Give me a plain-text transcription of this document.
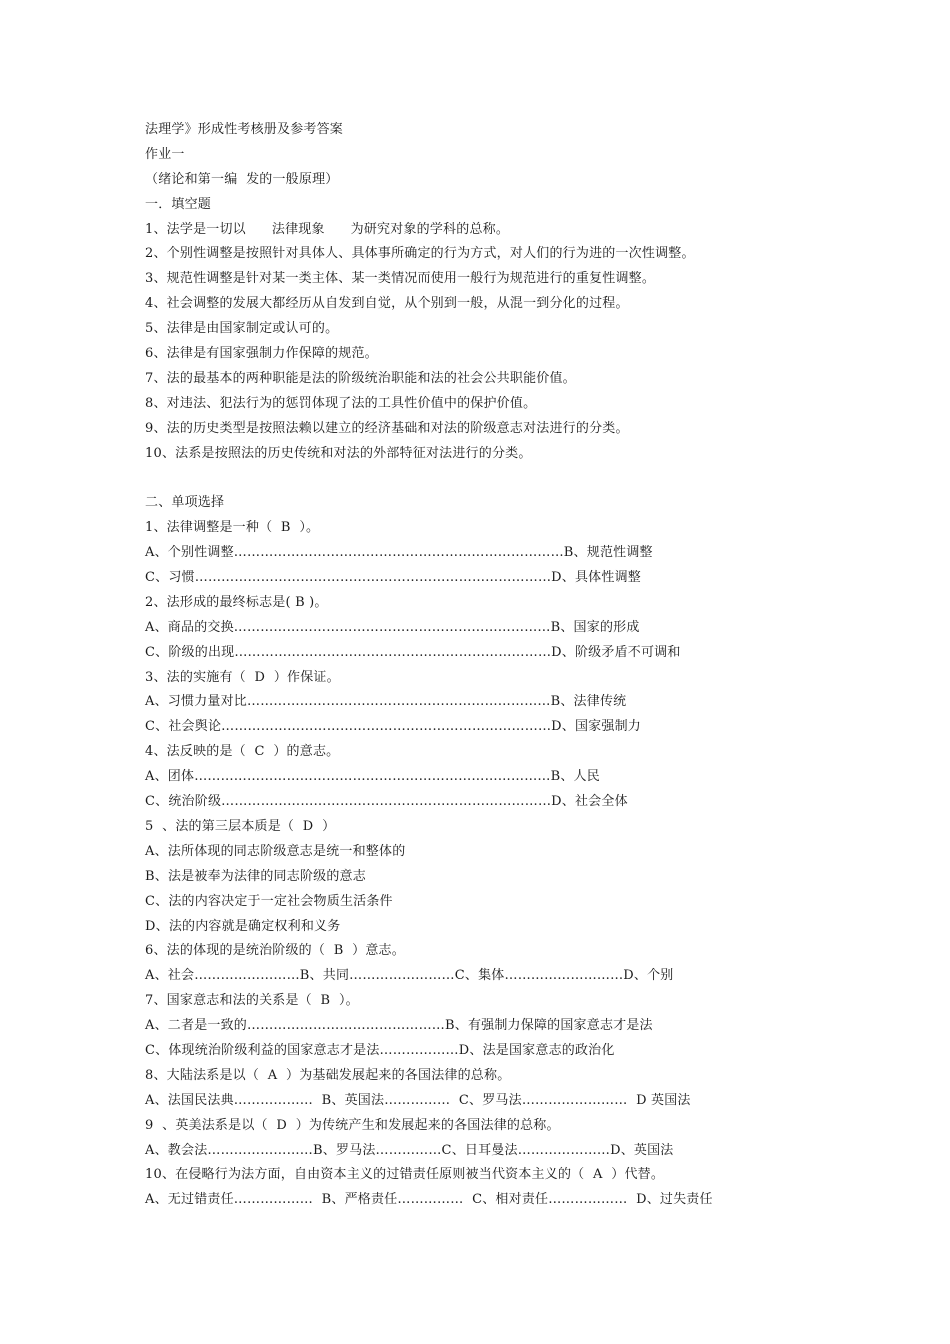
法理学》形成性考核册及参考答案
作业一
（绪论和第一编  发的一般原理）
一．填空题
1、法学是一切以      法律现象      为研究对象的学科的总称。
2、个别性调整是按照针对具体人、具体事所确定的行为方式，对人们的行为进的一次性调整。
3、规范性调整是针对某一类主体、某一类情况而使用一般行为规范进行的重复性调整。
4、社会调整的发展大都经历从自发到自觉，从个别到一般，从混一到分化的过程。
5、法律是由国家制定或认可的。
6、法律是有国家强制力作保障的规范。
7、法的最基本的两种职能是法的阶级统治职能和法的社会公共职能价值。
8、对违法、犯法行为的惩罚体现了法的工具性价值中的保护价值。
9、法的历史类型是按照法赖以建立的经济基础和对法的阶级意志对法进行的分类。
10、法系是按照法的历史传统和对法的外部特征对法进行的分类。
二、单项选择
1、法律调整是一种（  B  ）。
A、个别性调整…………………………………………………………………B、规范性调整
C、习惯………………………………………………………………………D、具体性调整
2、法形成的最终标志是( B )。
A、商品的交换………………………………………………………………B、国家的形成
C、阶级的出现………………………………………………………………D、阶级矛盾不可调和
3、法的实施有（  D  ）作保证。
A、习惯力量对比……………………………………………………………B、法律传统
C、社会舆论…………………………………………………………………D、国家强制力
4、法反映的是（  C  ）的意志。
A、团体………………………………………………………………………B、人民
C、统治阶级…………………………………………………………………D、社会全体
5  、法的第三层本质是（  D  ）
A、法所体现的同志阶级意志是统一和整体的
B、法是被奉为法律的同志阶级的意志
C、法的内容决定于一定社会物质生活条件
D、法的内容就是确定权利和义务
6、法的体现的是统治阶级的（  B  ）意志。
A、社会……………………B、共同……………………C、集体………………………D、个别
7、国家意志和法的关系是（  B  ）。
A、二者是一致的………………………………………B、有强制力保障的国家意志才是法
C、体现统治阶级利益的国家意志才是法………………D、法是国家意志的政治化
8、大陆法系是以（  A  ）为基础发展起来的各国法律的总称。
A、法国民法典………………  B、英国法……………  C、罗马法……………………  D 英国法
9  、英美法系是以（  D  ）为传统产生和发展起来的各国法律的总称。
A、教会法……………………B、罗马法……………C、日耳曼法…………………D、英国法
10、在侵略行为法方面，自由资本主义的过错责任原则被当代资本主义的（  A  ）代替。
A、无过错责任………………  B、严格责任……………  C、相对责任………………  D、过失责任
